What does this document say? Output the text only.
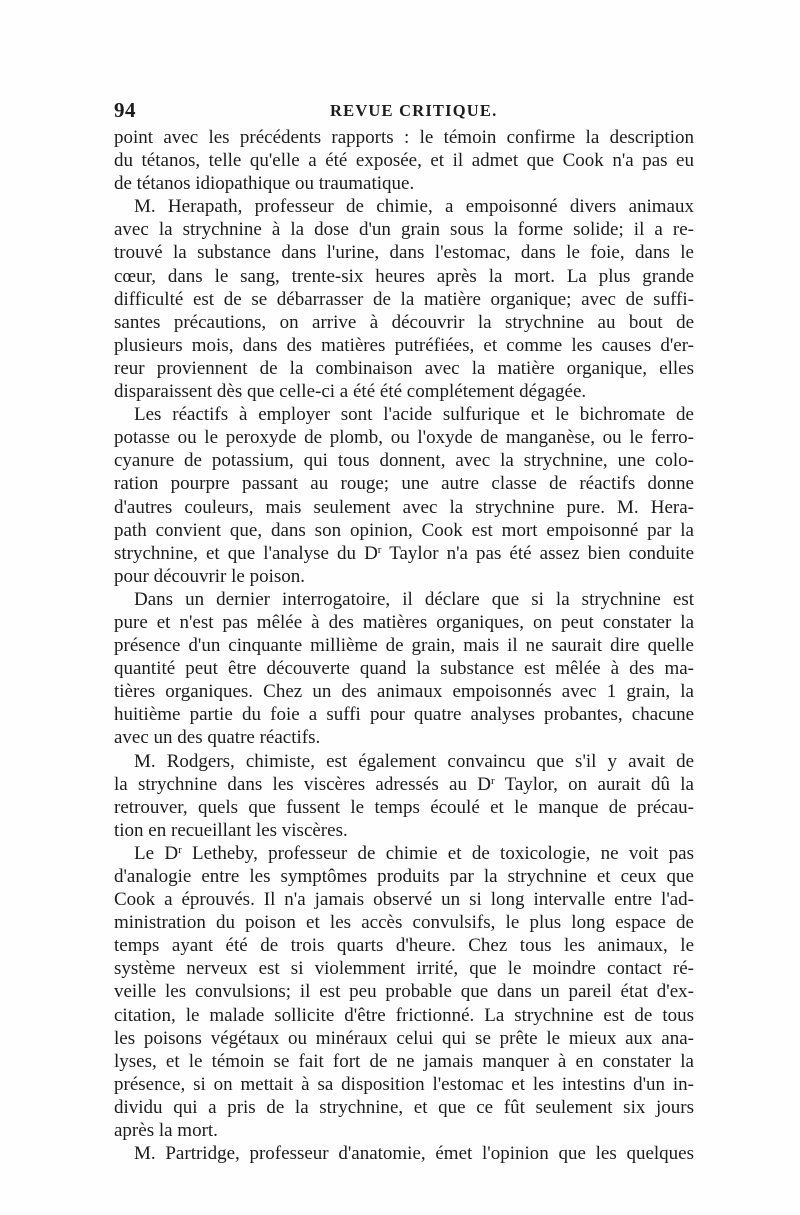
94	REVUE CRITIQUE.

point avec les précédents rapports : le témoin confirme la description

du tétanos, telle qu'elle a été exposée, et il admet que Cook n'a pas eu

de tétanos idiopathique ou traumatique.

M. Herapath, professeur de chimie, a empoisonné divers animaux

avec la strychnine à la dose d'un grain sous la forme solide; il a re-

trouvé la substance dans l'urine, dans l'estomac, dans le foie, dans le

cœur, dans le sang, trente-six heures après la mort. La plus grande

difficulté est de se débarrasser de la matière organique; avec de suffi-

santes précautions, on arrive à découvrir la strychnine au bout de

plusieurs mois, dans des matières putréfiées, et comme les causes d'er-

reur proviennent de la combinaison avec la matière organique, elles

disparaissent dès que celle-ci a été été complétement dégagée.

Les réactifs à employer sont l'acide sulfurique et le bichromate de

potasse ou le peroxyde de plomb, ou l'oxyde de manganèse, ou le ferro-

cyanure de potassium, qui tous donnent, avec la strychnine, une colo-

ration pourpre passant au rouge; une autre classe de réactifs donne

d'autres couleurs, mais seulement avec la strychnine pure. M. Hera-

path convient que, dans son opinion, Cook est mort empoisonné par la

strychnine, et que l'analyse du $D^r$ Taylor n'a pas été assez bien conduite

pour découvrir le poison.

Dans un dernier interrogatoire, il déclare que si la strychnine est

pure et n'est pas mêlée à des matières organiques, on peut constater la

présence d'un cinquante millième de grain, mais il ne saurait dire quelle

quantité peut être découverte quand la substance est mêlée à des ma-

tières organiques. Chez un des animaux empoisonnés avec 1 grain, la

huitième partie du foie a suffi pour quatre analyses probantes, chacune

avec un des quatre réactifs.

M. Rodgers, chimiste, est également convaincu que s'il y avait de

la strychnine dans les viscères adressés au $D^r$ Taylor, on aurait dû la

retrouver, quels que fussent le temps écoulé et le manque de précau-

tion en recueillant les viscères.

Le $D^r$ Letheby, professeur de chimie et de toxicologie, ne voit pas

d'analogie entre les symptômes produits par la strychnine et ceux que

Cook a éprouvés. Il n'a jamais observé un si long intervalle entre l'ad-

ministration du poison et les accès convulsifs, le plus long espace de

temps ayant été de trois quarts d'heure. Chez tous les animaux, le

système nerveux est si violemment irrité, que le moindre contact ré-

veille les convulsions; il est peu probable que dans un pareil état d'ex-

citation, le malade sollicite d'être frictionné. La strychnine est de tous

les poisons végétaux ou minéraux celui qui se prête le mieux aux ana-

lyses, et le témoin se fait fort de ne jamais manquer à en constater la

présence, si on mettait à sa disposition l'estomac et les intestins d'un in-

dividu qui a pris de la strychnine, et que ce fût seulement six jours

après la mort.

M. Partridge, professeur d'anatomie, émet l'opinion que les quelques
